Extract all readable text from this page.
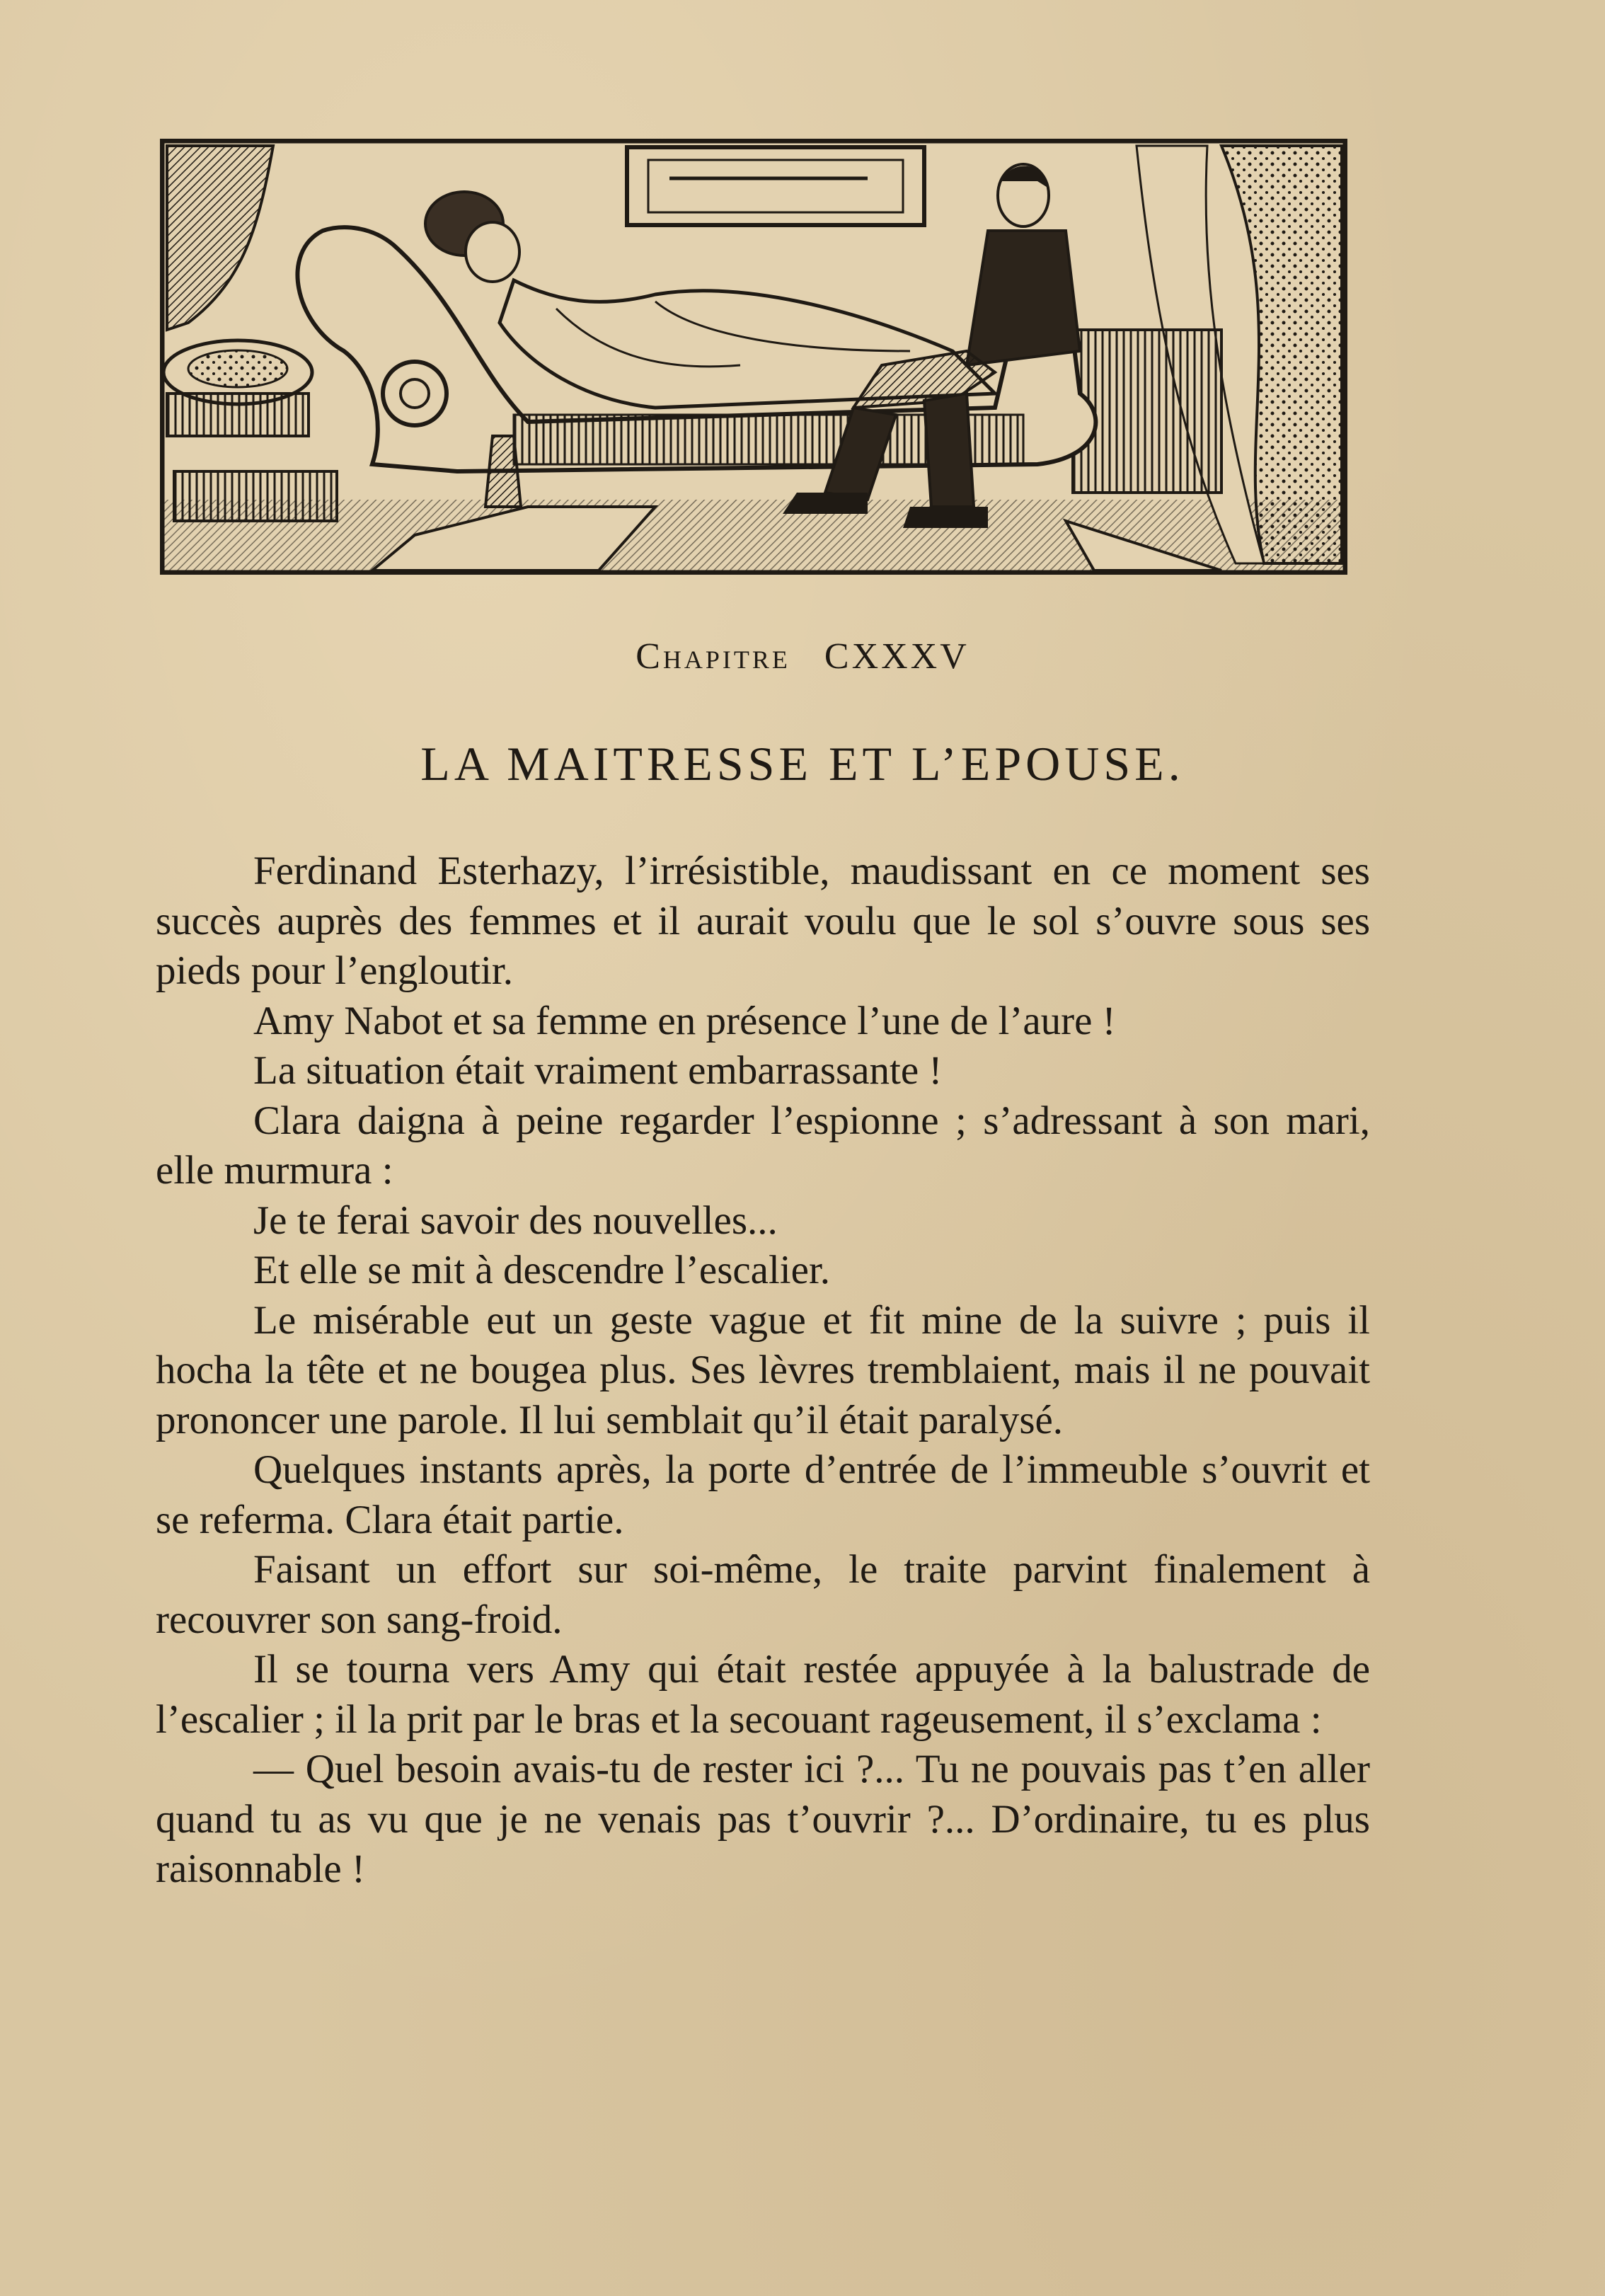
Chapitre CXXXV
LA MAITRESSE ET L’EPOUSE.

Ferdinand Esterhazy, l’irrésistible, maudissant en ce moment ses succès auprès des femmes et il aurait voulu que le sol s’ouvre sous ses pieds pour l’engloutir.

Amy Nabot et sa femme en présence l’une de l’aure !

La situation était vraiment embarrassante !

Clara daigna à peine regarder l’espionne ; s’adressant à son mari, elle murmura :

Je te ferai savoir des nouvelles...

Et elle se mit à descendre l’escalier.

Le misérable eut un geste vague et fit mine de la suivre ; puis il hocha la tête et ne bougea plus. Ses lèvres tremblaient, mais il ne pouvait prononcer une parole. Il lui semblait qu’il était paralysé.

Quelques instants après, la porte d’entrée de l’immeuble s’ouvrit et se referma. Clara était partie.

Faisant un effort sur soi-même, le traite parvint finalement à recouvrer son sang-froid.

Il se tourna vers Amy qui était restée appuyée à la balustrade de l’escalier ; il la prit par le bras et la secouant rageusement, il s’exclama :

— Quel besoin avais-tu de rester ici ?... Tu ne pouvais pas t’en aller quand tu as vu que je ne venais pas t’ouvrir ?... D’ordinaire, tu es plus raisonnable !
